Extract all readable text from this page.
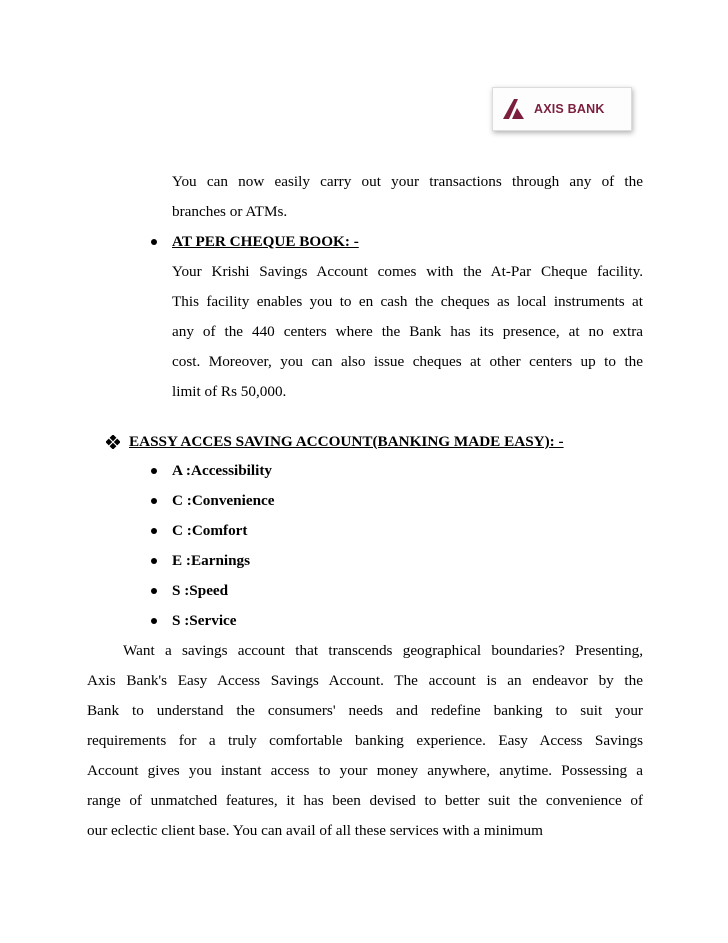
AXIS BANK
You can now easily carry out your transactions through any of the
branches or ATMs.
AT PER CHEQUE BOOK: -
Your Krishi Savings Account comes with the At-Par Cheque facility.
This facility enables you to en cash the cheques as local instruments at
any of the 440 centers where the Bank has its presence, at no extra
cost. Moreover, you can also issue cheques at other centers up to the
limit of Rs 50,000.
EASSY ACCES SAVING ACCOUNT(BANKING MADE EASY): -
A :Accessibility
C :Convenience
C :Comfort
E :Earnings
S :Speed
S :Service
Want a savings account that transcends geographical boundaries? Presenting,
Axis Bank's Easy Access Savings Account. The account is an endeavor by the
Bank to understand the consumers' needs and redefine banking to suit your
requirements for a truly comfortable banking experience. Easy Access Savings
Account gives you instant access to your money anywhere, anytime. Possessing a
range of unmatched features, it has been devised to better suit the convenience of
our eclectic client base. You can avail of all these services with a minimum
